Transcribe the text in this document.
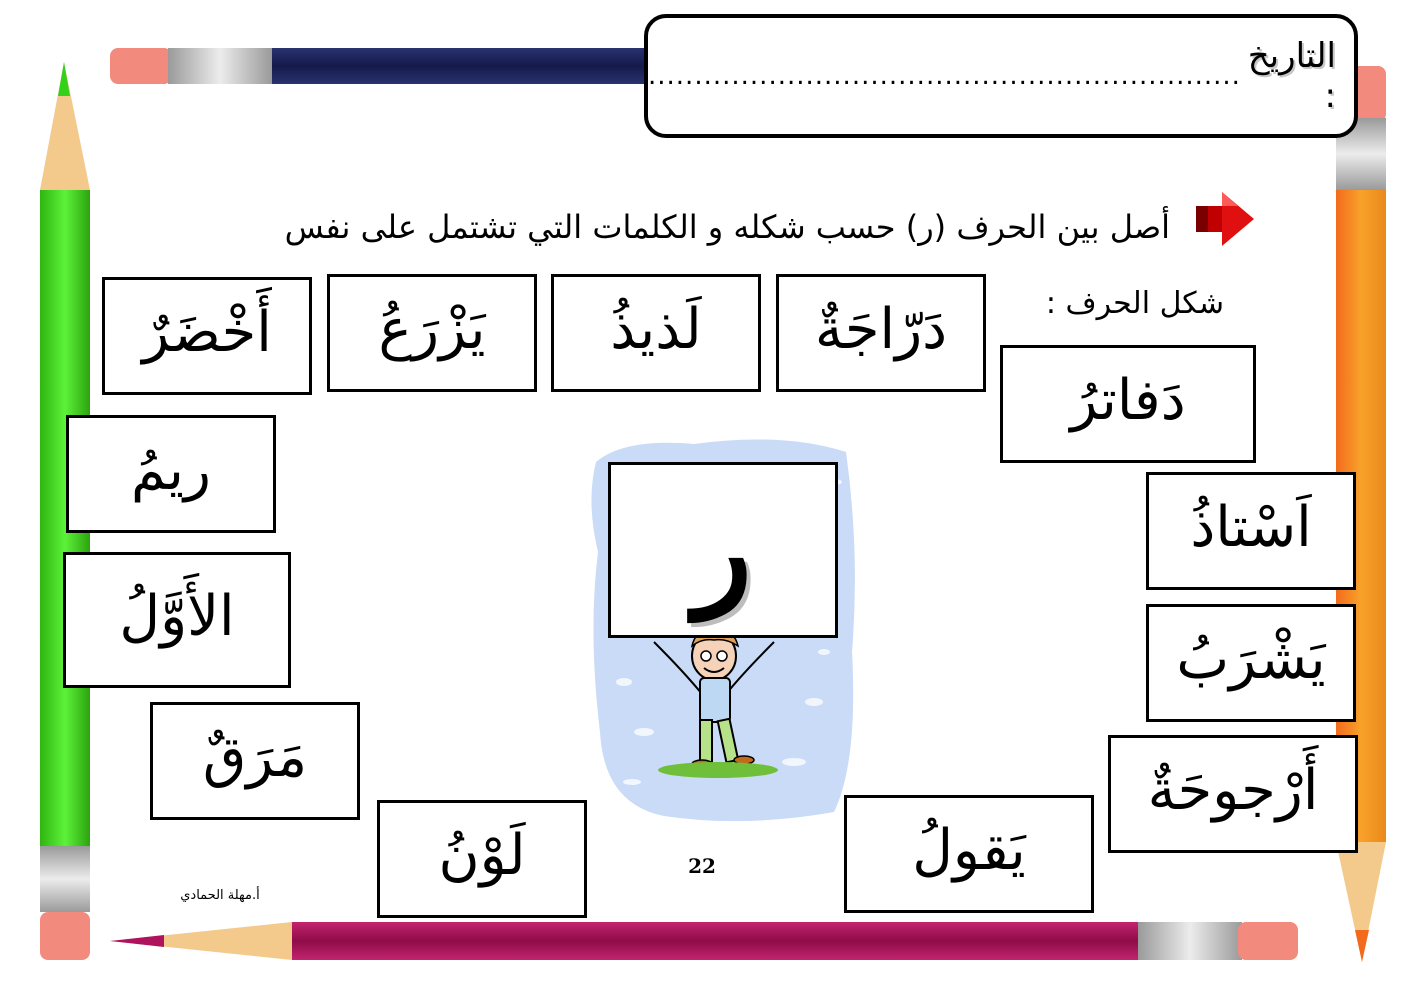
التاريخ :
................................................................
أصل بين الحرف (ر) حسب شكله و الكلمات التي تشتمل على نفس
شكل الحرف :
ر
أَخْضَرٌ يَزْرَعُ لَذيذُ دَرّاجَةٌ
دَفاترُ
ريمُ
اَسْتاذُ
الأَوَّلُ
يَشْرَبُ
مَرَقٌ
أَرْجوحَةٌ
لَوْنُ	يَقولُ
22
أ.مهلة الحمادي
